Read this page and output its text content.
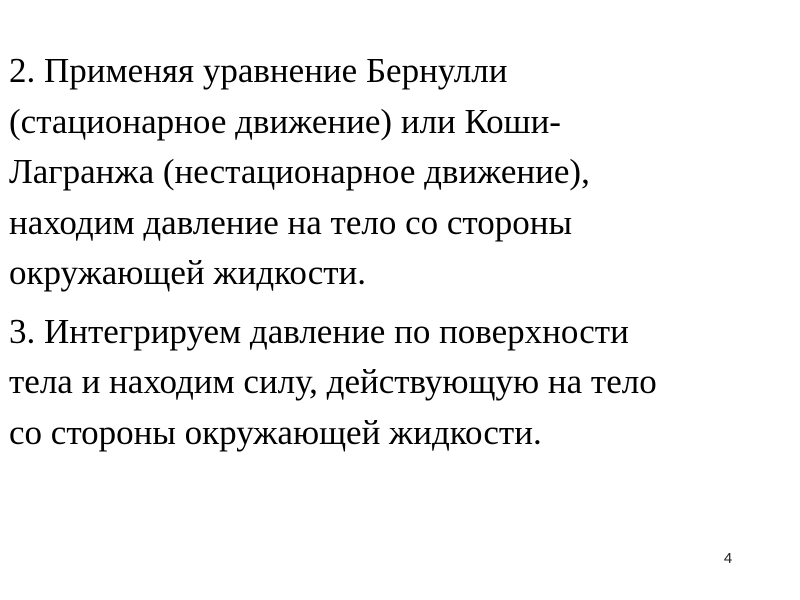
2. Применяя уравнение Бернулли
(стационарное движение) или Коши-
Лагранжа (нестационарное движение),
находим давление на тело со стороны
окружающей жидкости.

3. Интегрируем давление по поверхности
тела и находим силу, действующую на тело
со стороны окружающей жидкости.

4
